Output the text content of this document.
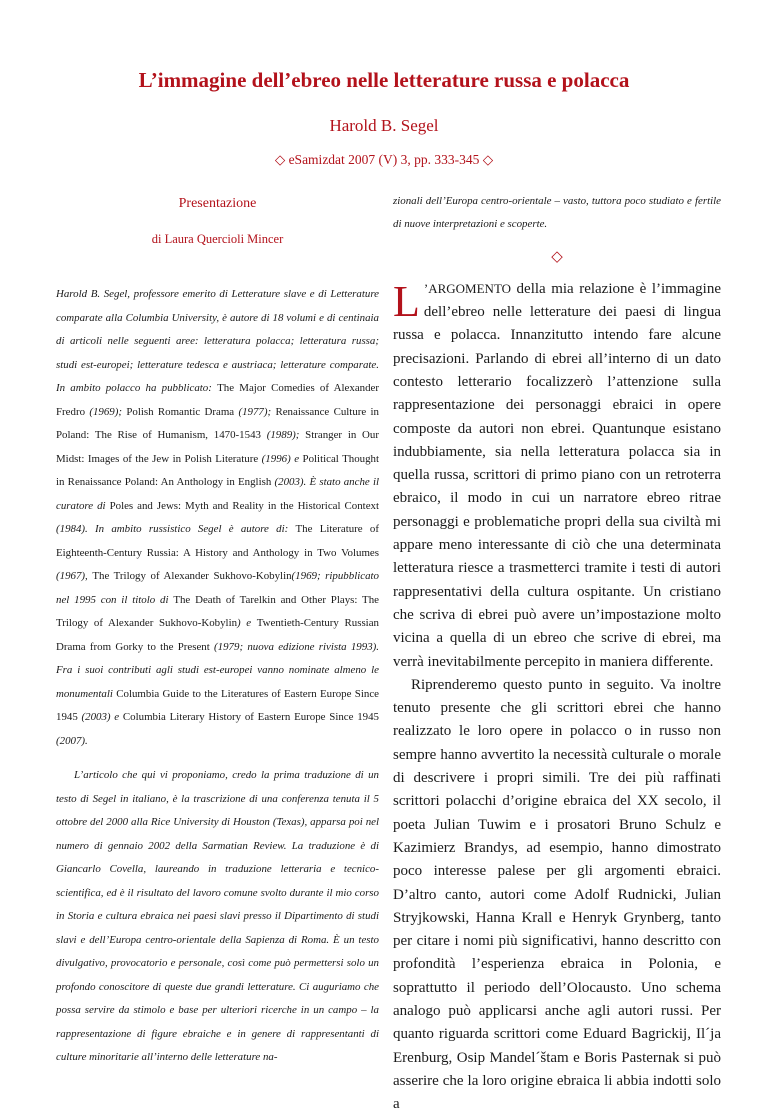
L’immagine dell’ebreo nelle letterature russa e polacca
Harold B. Segel
◇ eSamizdat 2007 (V) 3, pp. 333-345 ◇
Presentazione
di Laura Quercioli Mincer

Harold B. Segel, professore emerito di Letterature slave e di Letterature comparate alla Columbia University, è autore di 18 volumi e di centinaia di articoli nelle seguenti aree: letteratura polacca; letteratura russa; studi est-europei; letterature tedesca e austriaca; letterature comparate. In ambito polacco ha pubblicato: The Major Comedies of Alexander Fredro (1969); Polish Romantic Drama (1977); Renaissance Culture in Poland: The Rise of Humanism, 1470-1543 (1989); Stranger in Our Midst: Images of the Jew in Polish Literature (1996) e Political Thought in Renaissance Poland: An Anthology in English (2003). È stato anche il curatore di Poles and Jews: Myth and Reality in the Historical Context (1984). In ambito russistico Segel è autore di: The Literature of Eighteenth-Century Russia: A History and Anthology in Two Volumes (1967), The Trilogy of Alexander Sukhovo-Kobylin(1969; ripubblicato nel 1995 con il titolo di The Death of Tarelkin and Other Plays: The Trilogy of Alexander Sukhovo-Kobylin) e Twentieth-Century Russian Drama from Gorky to the Present (1979; nuova edizione rivista 1993). Fra i suoi contributi agli studi est-europei vanno nominate almeno le monumentali Columbia Guide to the Literatures of Eastern Europe Since 1945 (2003) e Columbia Literary History of Eastern Europe Since 1945 (2007).

L’articolo che qui vi proponiamo, credo la prima traduzione di un testo di Segel in italiano, è la trascrizione di una conferenza tenuta il 5 ottobre del 2000 alla Rice University di Houston (Texas), apparsa poi nel numero di gennaio 2002 della Sarmatian Review. La traduzione è di Giancarlo Covella, laureando in traduzione letteraria e tecnico-scientifica, ed è il risultato del lavoro comune svolto durante il mio corso in Storia e cultura ebraica nei paesi slavi presso il Dipartimento di studi slavi e dell’Europa centro-orientale della Sapienza di Roma. È un testo divulgativo, provocatorio e personale, così come può permettersi solo un profondo conoscitore di queste due grandi letterature. Ci auguriamo che possa servire da stimolo e base per ulteriori ricerche in un campo – la rappresentazione di figure ebraiche e in genere di rappresentanti di culture minoritarie all’interno delle letterature na-

zionali dell’Europa centro-orientale – vasto, tuttora poco studiato e fertile di nuove interpretazioni e scoperte.

◇

L ’ARGOMENTO della mia relazione è l’immagine dell’ebreo nelle letterature dei paesi di lingua russa e polacca. Innanzitutto intendo fare alcune precisazioni. Parlando di ebrei all’interno di un dato contesto letterario focalizzerò l’attenzione sulla rappresentazione dei personaggi ebraici in opere composte da autori non ebrei. Quantunque esistano indubbiamente, sia nella letteratura polacca sia in quella russa, scrittori di primo piano con un retroterra ebraico, il modo in cui un narratore ebreo ritrae personaggi e problematiche propri della sua civiltà mi appare meno interessante di ciò che una determinata letteratura riesce a trasmetterci tramite i testi di autori rappresentativi della cultura ospitante. Un cristiano che scriva di ebrei può avere un’impostazione molto vicina a quella di un ebreo che scrive di ebrei, ma verrà inevitabilmente percepito in maniera differente.

Riprenderemo questo punto in seguito. Va inoltre tenuto presente che gli scrittori ebrei che hanno realizzato le loro opere in polacco o in russo non sempre hanno avvertito la necessità culturale o morale di descrivere i propri simili. Tre dei più raffinati scrittori polacchi d’origine ebraica del XX secolo, il poeta Julian Tuwim e i prosatori Bruno Schulz e Kazimierz Brandys, ad esempio, hanno dimostrato poco interesse palese per gli argomenti ebraici. D’altro canto, autori come Adolf Rudnicki, Julian Stryjkowski, Hanna Krall e Henryk Grynberg, tanto per citare i nomi più significativi, hanno descritto con profondità l’esperienza ebraica in Polonia, e soprattutto il periodo dell’Olocausto. Uno schema analogo può applicarsi anche agli autori russi. Per quanto riguarda scrittori come Eduard Bagrickij, Il´ja Erenburg, Osip Mandel´štam e Boris Pasternak si può asserire che la loro origine ebraica li abbia indotti solo a
